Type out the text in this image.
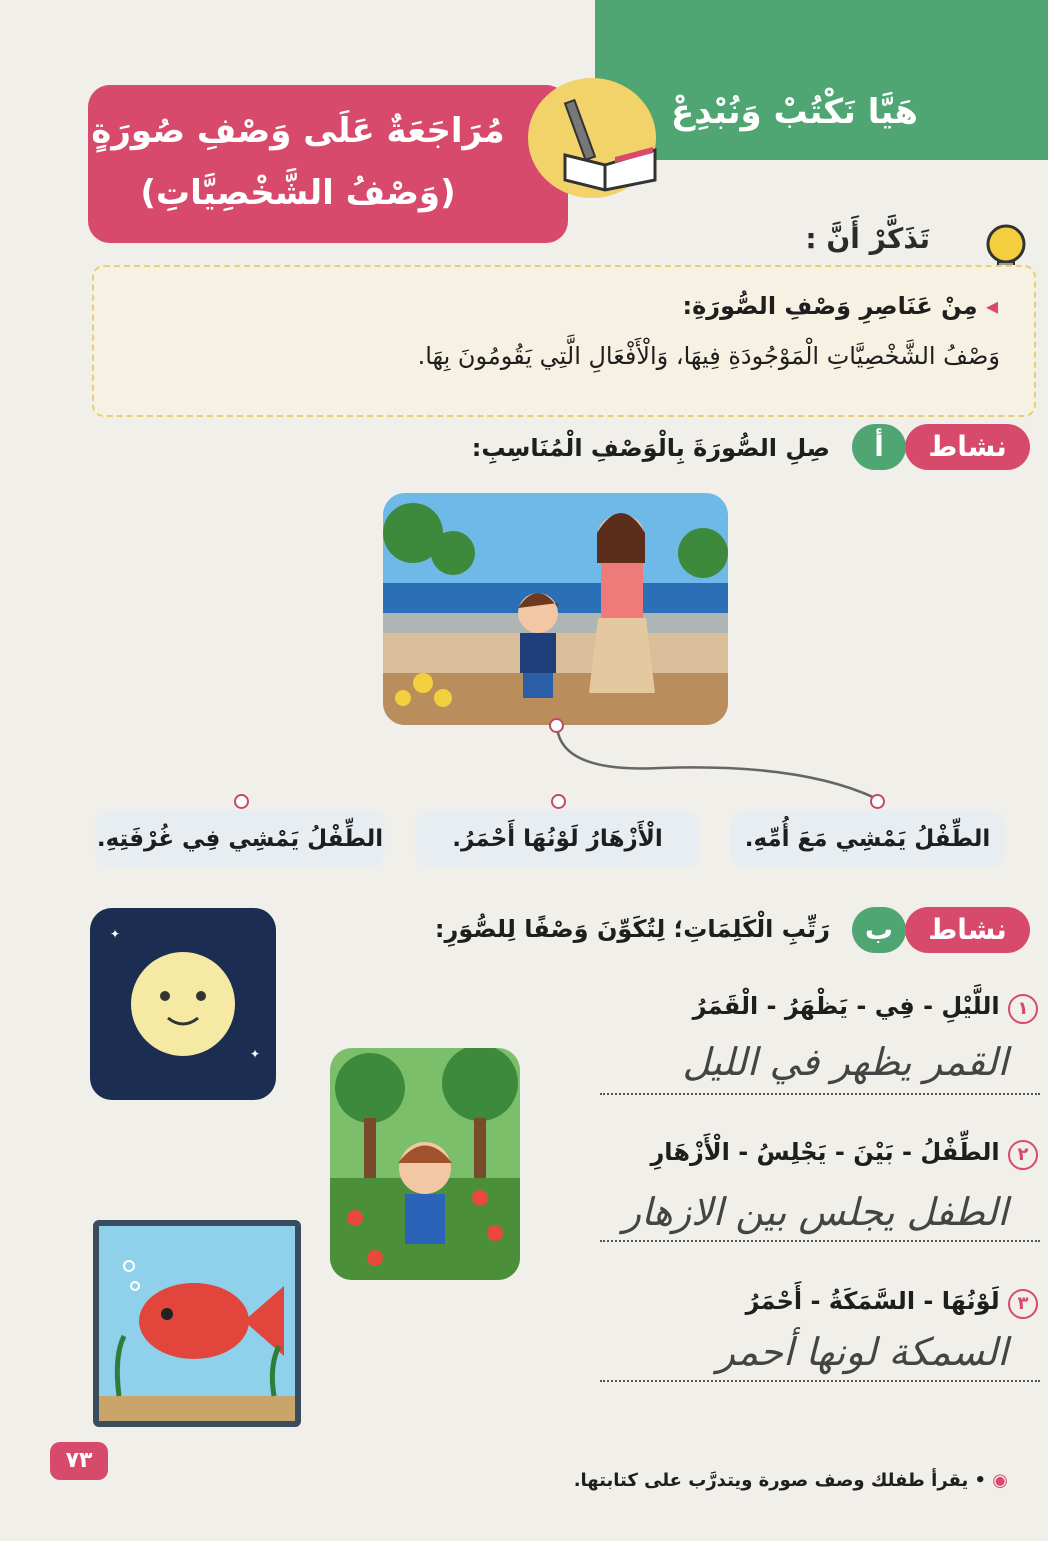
هَيَّا نَكْتُبْ وَنُبْدِعْ
مُرَاجَعَةٌ عَلَى وَصْفِ صُورَةٍ
(وَصْفُ الشَّخْصِيَّاتِ)
تَذَكَّرْ أَنَّ :
◂ مِنْ عَنَاصِرِ وَصْفِ الصُّورَةِ:
وَصْفُ الشَّخْصِيَّاتِ الْمَوْجُودَةِ فِيهَا، وَالْأَفْعَالِ الَّتِي يَقُومُونَ بِهَا.
نشاط
أ
صِلِ الصُّورَةَ بِالْوَصْفِ الْمُنَاسِبِ:
الطِّفْلُ يَمْشِي مَعَ أُمِّهِ.
الْأَزْهَارُ لَوْنُهَا أَحْمَرُ.
الطِّفْلُ يَمْشِي فِي غُرْفَتِهِ.
نشاط
ب
رَتِّبِ الْكَلِمَاتِ؛ لِتُكَوِّنَ وَصْفًا لِلصُّوَرِ:
✦
✦
١ اللَّيْلِ - فِي - يَظْهَرُ - الْقَمَرُ
القمر يظهر في الليل
٢ الطِّفْلُ - بَيْنَ - يَجْلِسُ - الْأَزْهَارِ
الطفل يجلس بين الازهار
٣ لَوْنُهَا - السَّمَكَةُ - أَحْمَرُ
السمكة لونها أحمر
٧٣
◉ • يقرأ طفلك وصف صورة ويتدرَّب على كتابتها.
